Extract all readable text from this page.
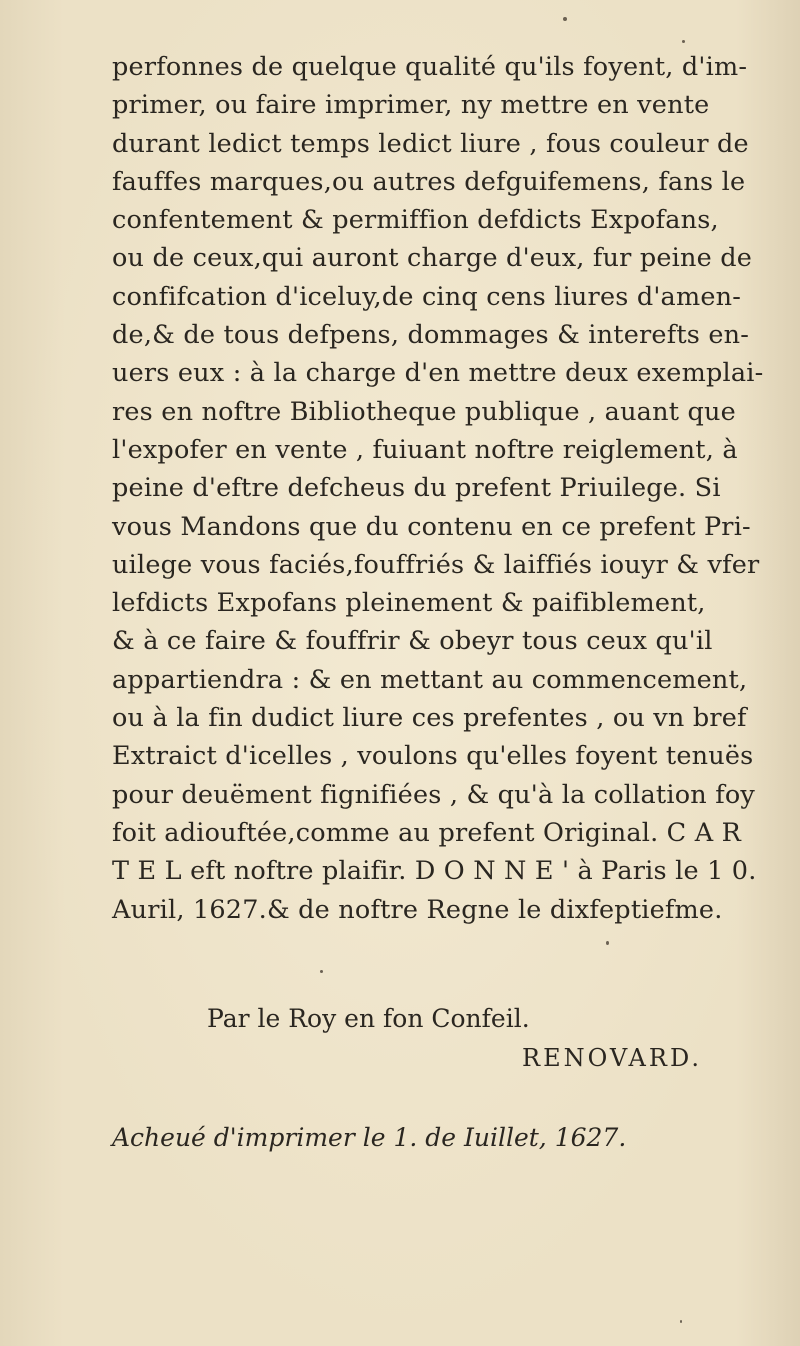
perfonnes de quelque qualité qu'ils foyent, d'im-
primer, ou faire imprimer, ny mettre en vente
durant ledict temps ledict liure , fous couleur de
fauffes marques,ou autres defguifemens, fans le
confentement & permiffion defdicts Expofans,
ou de ceux,qui auront charge d'eux, fur peine de
confifcation d'iceluy,de cinq cens liures d'amen-
de,& de tous defpens, dommages & interefts en-
uers eux : à la charge d'en mettre deux exemplai-
res en noftre Bibliotheque publique , auant que
l'expofer en vente , fuiuant noftre reiglement, à
peine d'eftre defcheus du prefent Priuilege. Si
vous Mandons que du contenu en ce prefent Pri-
uilege vous faciés,fouffriés & laiffiés iouyr & vfer
lefdicts Expofans pleinement & paifiblement,
& à ce faire & fouffrir & obeyr tous ceux qu'il
appartiendra : & en mettant au commencement,
ou à la fin dudict liure ces prefentes , ou vn bref
Extraict d'icelles , voulons qu'elles foyent tenuës
pour deuëment fignifiées , & qu'à la collation foy
foit adiouftée,comme au prefent Original. C A R
T E L eft noftre plaifir. D O N N E ' à Paris le 1 0.
Auril, 1627.& de noftre Regne le dixfeptiefme.
Par le Roy en fon Confeil.
RENOVARD.
Acheué d'imprimer le 1. de Iuillet, 1627.
